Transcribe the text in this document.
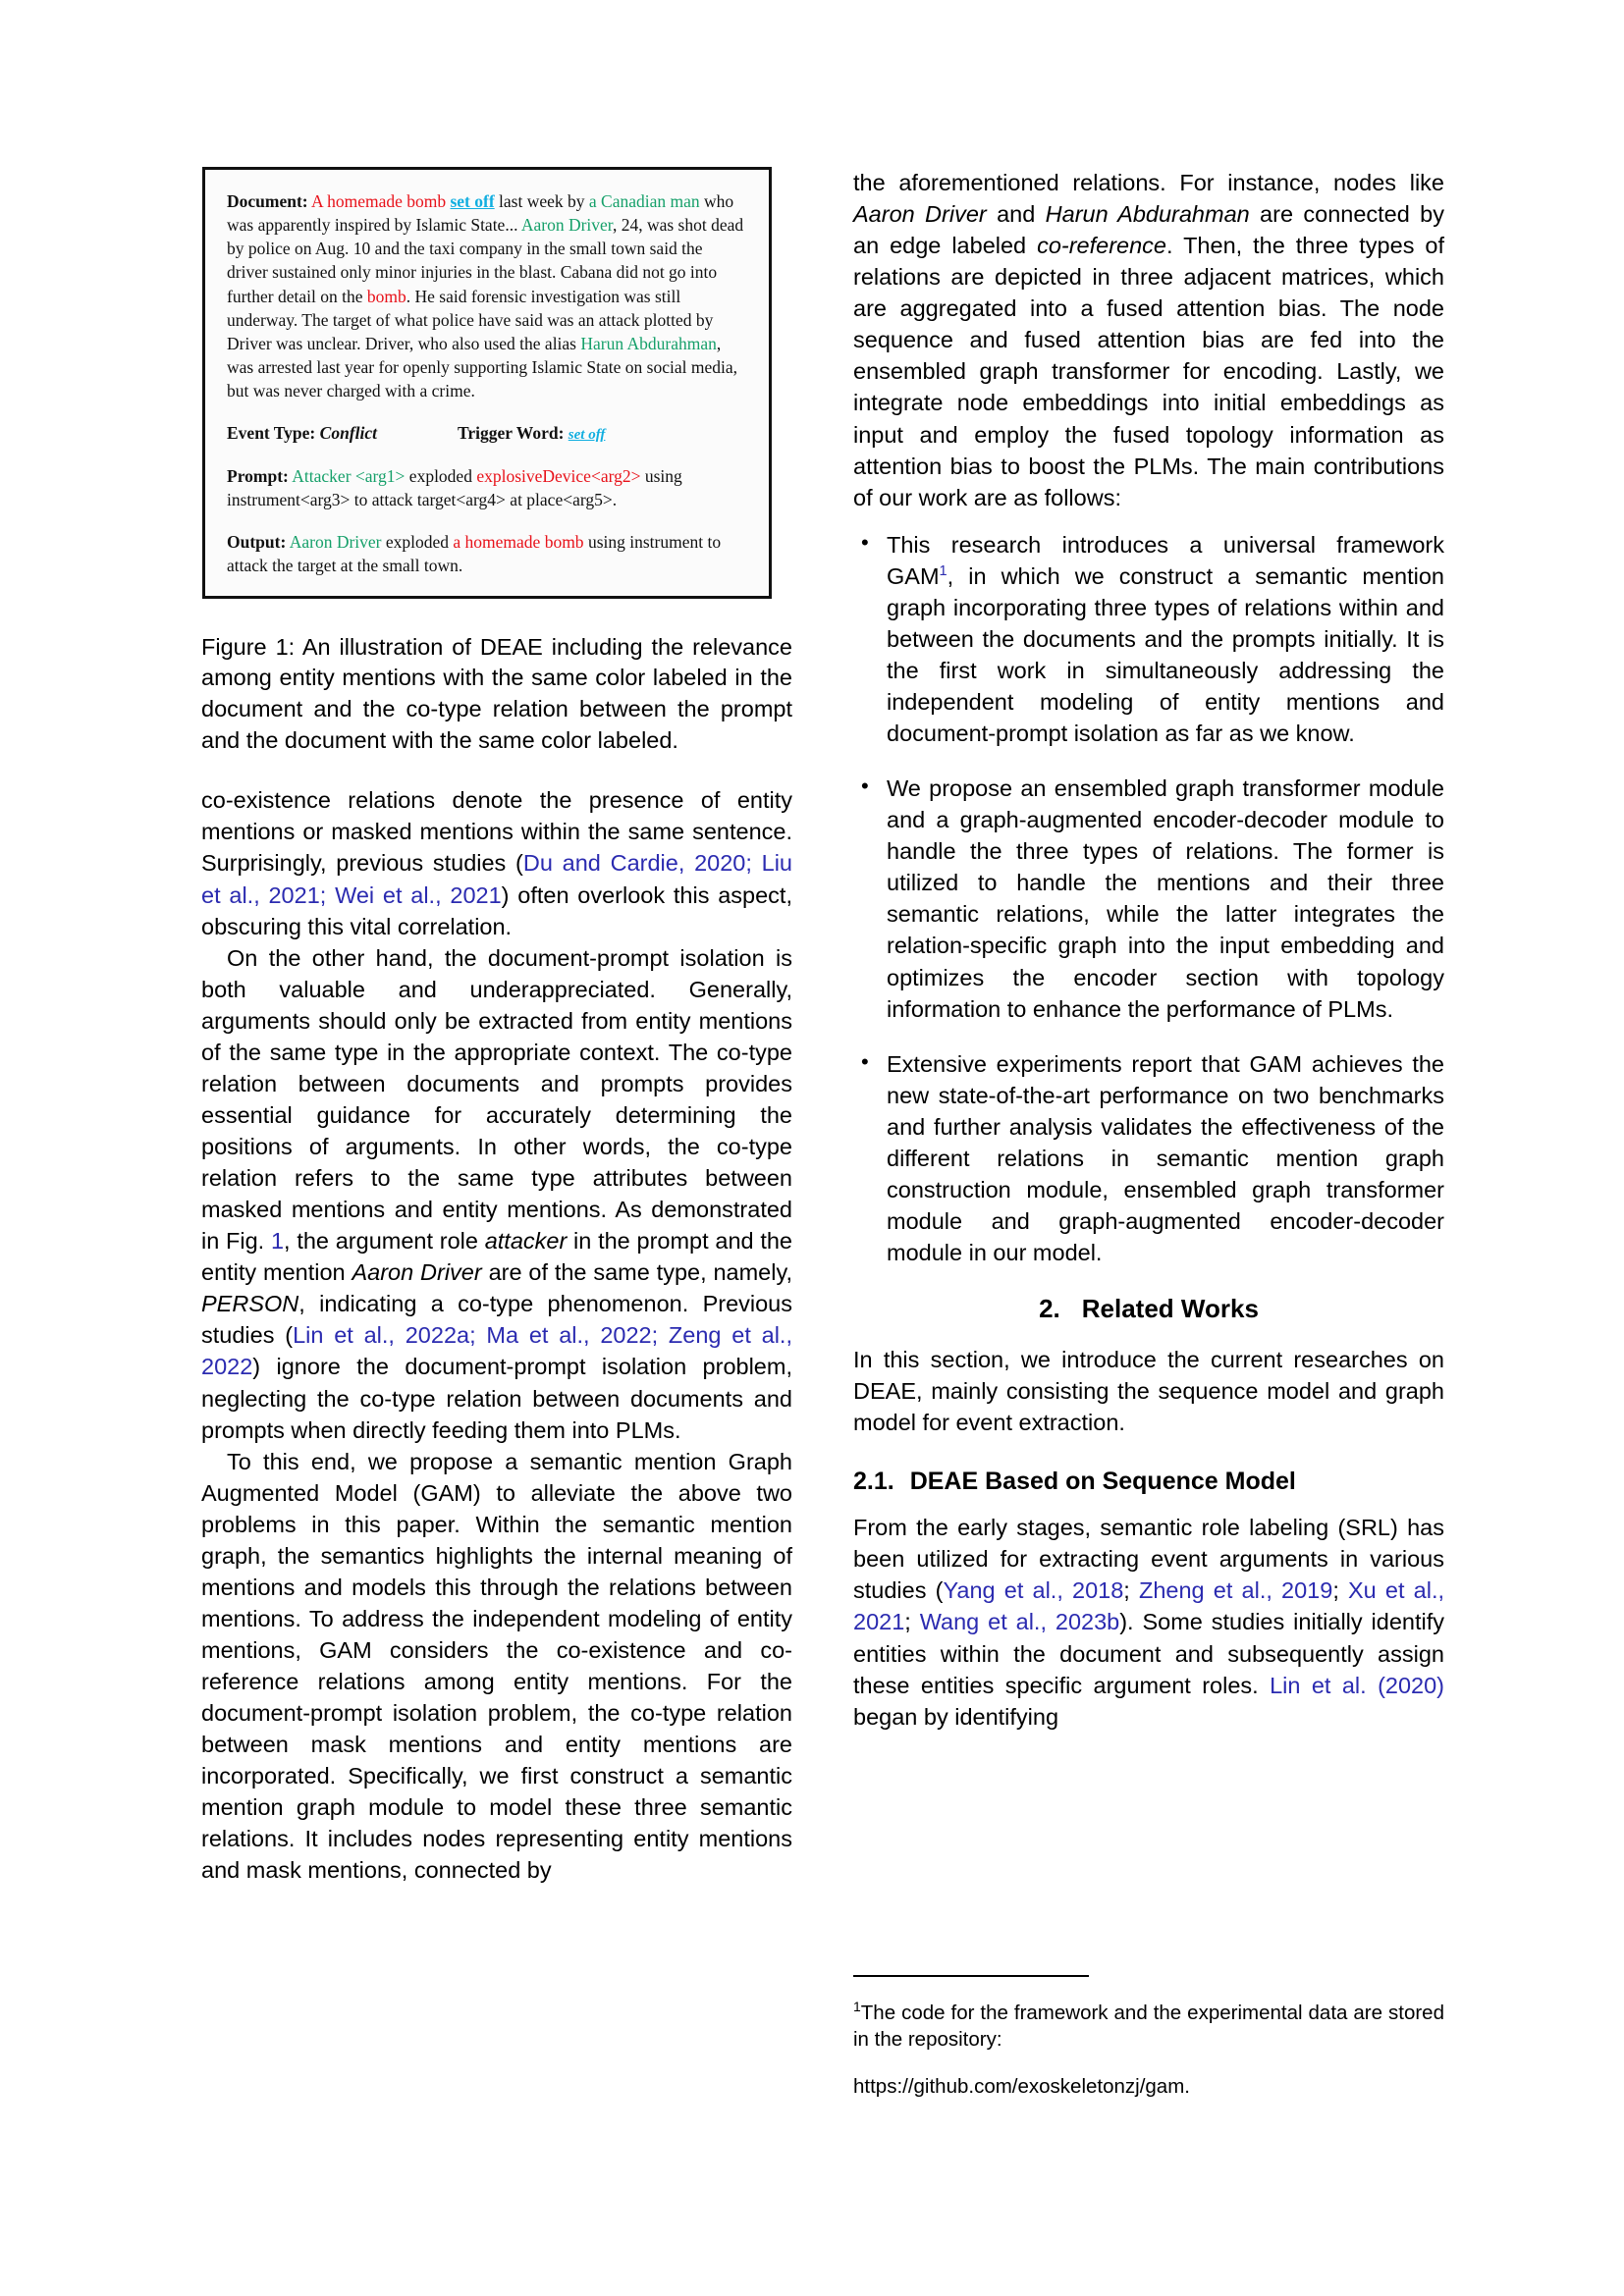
Document: A homemade bomb set off last week by a Canadian man who was apparently inspired by Islamic State... Aaron Driver, 24, was shot dead by police on Aug. 10 and the taxi company in the small town said the driver sustained only minor injuries in the blast. Cabana did not go into further detail on the bomb. He said forensic investigation was still underway. The target of what police have said was an attack plotted by Driver was unclear. Driver, who also used the alias Harun Abdurahman, was arrested last year for openly supporting Islamic State on social media, but was never charged with a crime.

Event Type: Conflict	Trigger Word: set off

Prompt: Attacker <arg1> exploded explosiveDevice<arg2> using instrument<arg3> to attack target<arg4> at place<arg5>.

Output: Aaron Driver exploded a homemade bomb using instrument to attack the target at the small town.

Figure 1: An illustration of DEAE including the relevance among entity mentions with the same color labeled in the document and the co-type relation between the prompt and the document with the same color labeled.

co-existence relations denote the presence of entity mentions or masked mentions within the same sentence. Surprisingly, previous studies (Du and Cardie, 2020; Liu et al., 2021; Wei et al., 2021) often overlook this aspect, obscuring this vital correlation.

On the other hand, the document-prompt isolation is both valuable and underappreciated. Generally, arguments should only be extracted from entity mentions of the same type in the appropriate context. The co-type relation between documents and prompts provides essential guidance for accurately determining the positions of arguments. In other words, the co-type relation refers to the same type attributes between masked mentions and entity mentions. As demonstrated in Fig. 1, the argument role attacker in the prompt and the entity mention Aaron Driver are of the same type, namely, PERSON, indicating a co-type phenomenon. Previous studies (Lin et al., 2022a; Ma et al., 2022; Zeng et al., 2022) ignore the document-prompt isolation problem, neglecting the co-type relation between documents and prompts when directly feeding them into PLMs.

To this end, we propose a semantic mention Graph Augmented Model (GAM) to alleviate the above two problems in this paper. Within the semantic mention graph, the semantics highlights the internal meaning of mentions and models this through the relations between mentions. To address the independent modeling of entity mentions, GAM considers the co-existence and co-reference relations among entity mentions. For the document-prompt isolation problem, the co-type relation between mask mentions and entity mentions are incorporated. Specifically, we first construct a semantic mention graph module to model these three semantic relations. It includes nodes representing entity mentions and mask mentions, connected by

the aforementioned relations. For instance, nodes like Aaron Driver and Harun Abdurahman are connected by an edge labeled co-reference. Then, the three types of relations are depicted in three adjacent matrices, which are aggregated into a fused attention bias. The node sequence and fused attention bias are fed into the ensembled graph transformer for encoding. Lastly, we integrate node embeddings into initial embeddings as input and employ the fused topology information as attention bias to boost the PLMs. The main contributions of our work are as follows:

• This research introduces a universal framework GAM$^1$, in which we construct a semantic mention graph incorporating three types of relations within and between the documents and the prompts initially. It is the first work in simultaneously addressing the independent modeling of entity mentions and document-prompt isolation as far as we know.
• We propose an ensembled graph transformer module and a graph-augmented encoder-decoder module to handle the three types of relations. The former is utilized to handle the mentions and their three semantic relations, while the latter integrates the relation-specific graph into the input embedding and optimizes the encoder section with topology information to enhance the performance of PLMs.
• Extensive experiments report that GAM achieves the new state-of-the-art performance on two benchmarks and further analysis validates the effectiveness of the different relations in semantic mention graph construction module, ensembled graph transformer module and graph-augmented encoder-decoder module in our model.
2. Related Works

In this section, we introduce the current researches on DEAE, mainly consisting the sequence model and graph model for event extraction.

2.1. DEAE Based on Sequence Model

From the early stages, semantic role labeling (SRL) has been utilized for extracting event arguments in various studies (Yang et al., 2018; Zheng et al., 2019; Xu et al., 2021; Wang et al., 2023b). Some studies initially identify entities within the document and subsequently assign these entities specific argument roles. Lin et al. (2020) began by identifying

$^1$The code for the framework and the experimental data are stored in the repository:

https://github.com/exoskeletonzj/gam.
